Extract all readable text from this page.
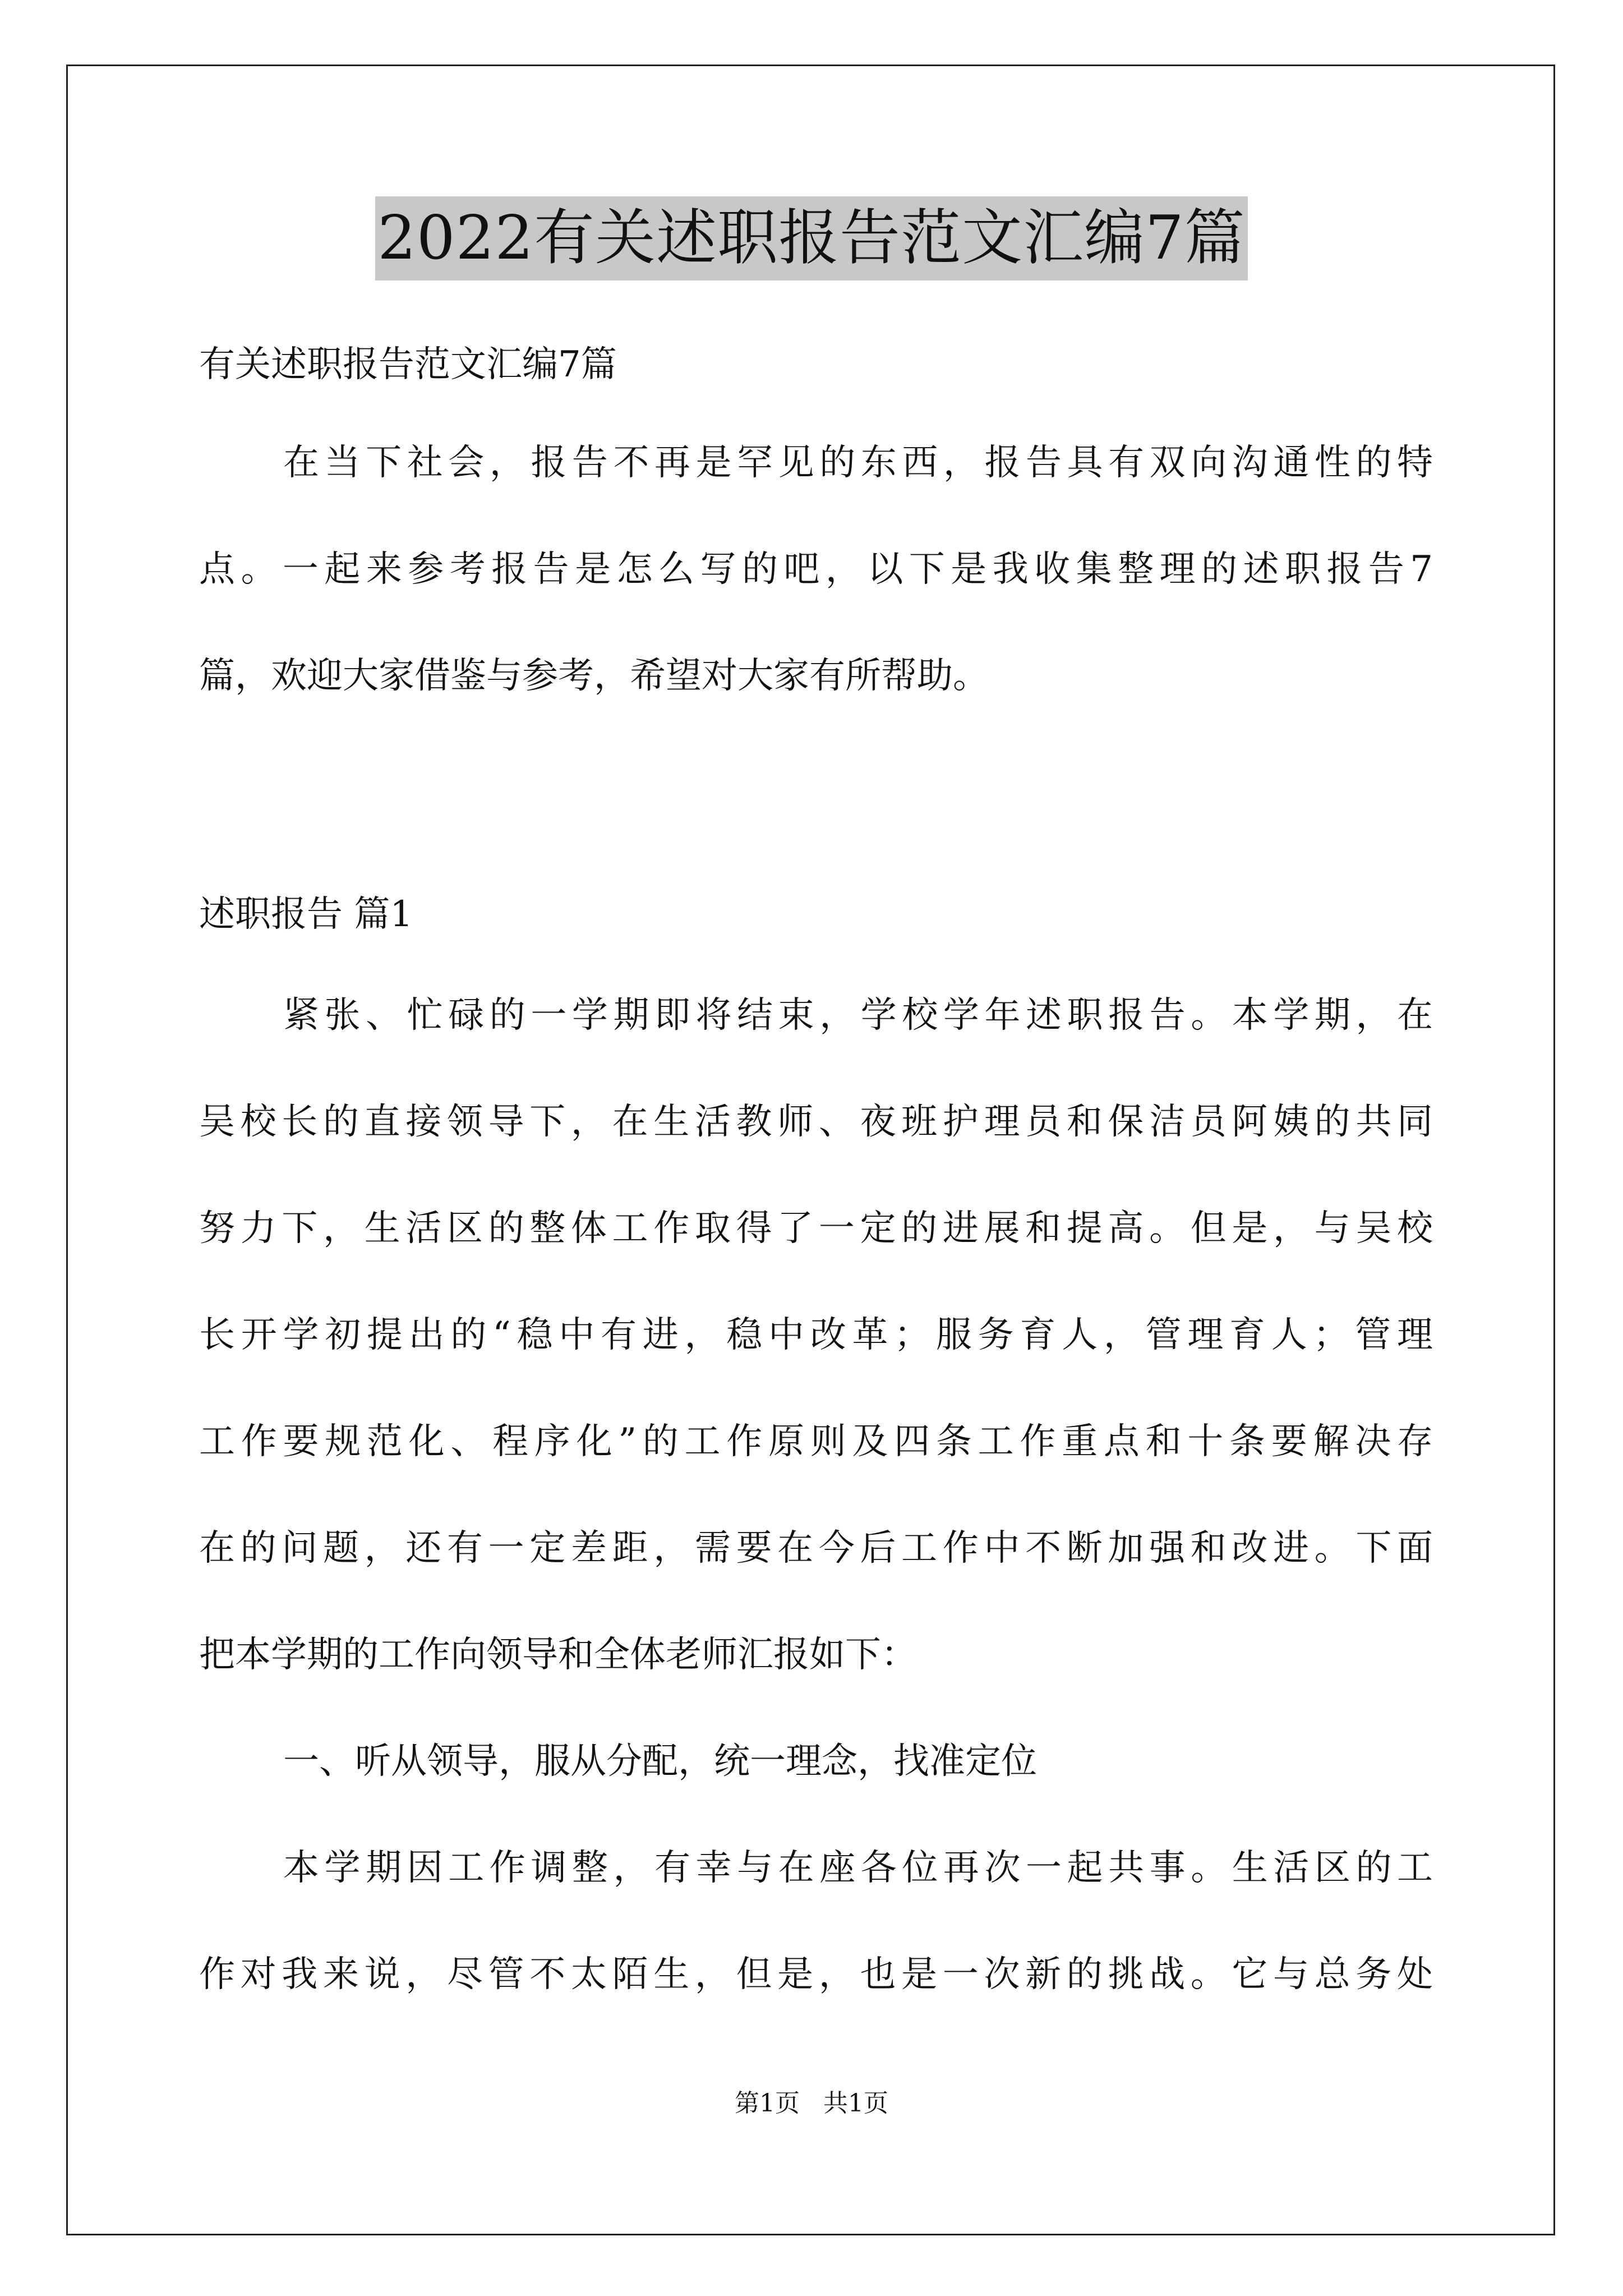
2022有关述职报告范文汇编7篇
有关述职报告范文汇编7篇
在当下社会，报告不再是罕见的东西，报告具有双向沟通性的特
点。一起来参考报告是怎么写的吧，以下是我收集整理的述职报告7
篇，欢迎大家借鉴与参考，希望对大家有所帮助。
述职报告 篇1
紧张、忙碌的一学期即将结束，学校学年述职报告。本学期，在
吴校长的直接领导下，在生活教师、夜班护理员和保洁员阿姨的共同
努力下，生活区的整体工作取得了一定的进展和提高。但是，与吴校
长开学初提出的“稳中有进，稳中改革；服务育人，管理育人；管理
工作要规范化、程序化”的工作原则及四条工作重点和十条要解决存
在的问题，还有一定差距，需要在今后工作中不断加强和改进。下面
把本学期的工作向领导和全体老师汇报如下：
一、听从领导，服从分配，统一理念，找准定位
本学期因工作调整，有幸与在座各位再次一起共事。生活区的工
作对我来说，尽管不太陌生，但是，也是一次新的挑战。它与总务处
第1页 共1页
